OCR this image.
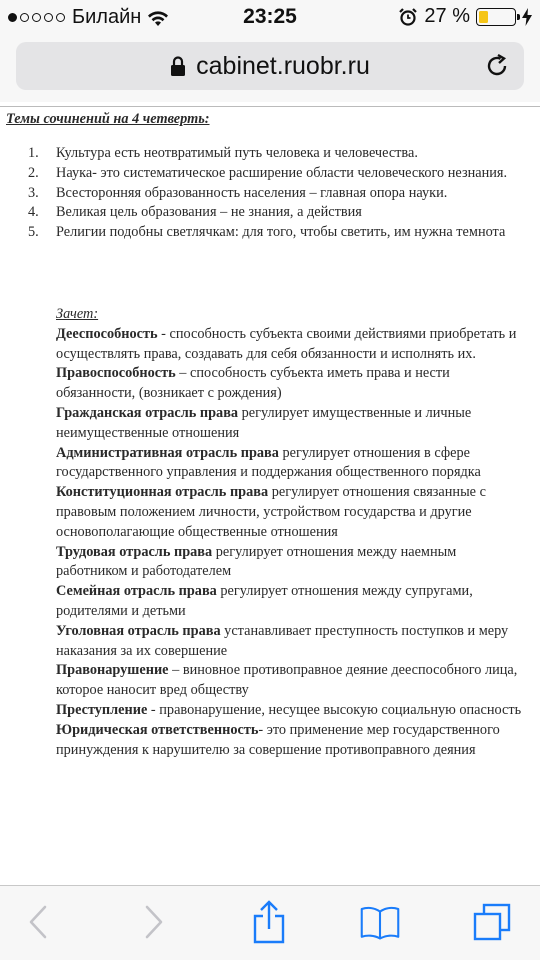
Билайн	23:25	27 %
cabinet.ruobr.ru
Темы сочинений на 4 четверть:
1. Культура есть неотвратимый путь человека и человечества.
2. Наука- это систематическое расширение области человеческого незнания.
3. Всесторонняя образованность населения – главная опора науки.
4. Великая цель образования – не знания, а действия
5. Религии подобны светлячкам: для того, чтобы светить, им нужна темнота
Зачет:

Дееспособность - способность субъекта своими действиями приобретать и осуществлять права, создавать для себя обязанности и исполнять их.

Правоспособность – способность субъекта иметь права и нести обязанности, (возникает с рождения)

Гражданская отрасль права регулирует имущественные и личные неимущественные отношения

Административная отрасль права регулирует отношения в сфере государственного управления и поддержания общественного порядка

Конституционная отрасль права регулирует отношения связанные с правовым положением личности, устройством государства и другие основополагающие общественные отношения

Трудовая отрасль права регулирует отношения между наемным работником и работодателем

Семейная отрасль права регулирует отношения между супругами, родителями и детьми

Уголовная отрасль права устанавливает преступность поступков и меру наказания за их совершение

Правонарушение – виновное противоправное деяние дееспособного лица, которое наносит вред обществу

Преступление - правонарушение, несущее высокую социальную опасность

Юридическая ответственность- это применение мер государственного принуждения к нарушителю за совершение противоправного деяния
